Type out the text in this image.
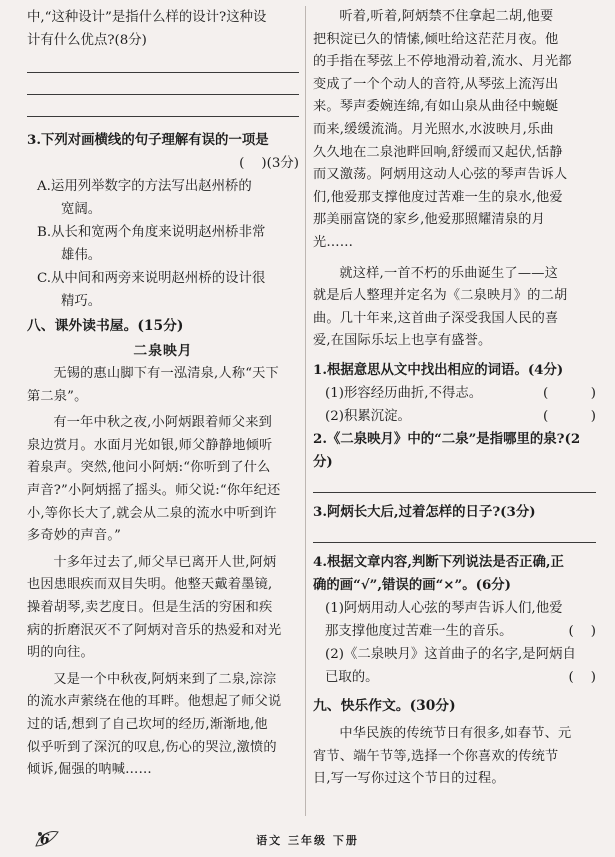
中,“这种设计”是指什么样的设计?这种设

计有什么优点?(8分)

3.下列对画横线的句子理解有误的一项是

(    )(3分)

A.运用列举数字的方法写出赵州桥的

宽阔。

B.从长和宽两个角度来说明赵州桥非常

雄伟。

C.从中间和两旁来说明赵州桥的设计很

精巧。

八、课外读书屋。(15分)

二泉映月

无锡的惠山脚下有一泓清泉,人称“天下

第二泉”。

有一年中秋之夜,小阿炳跟着师父来到

泉边赏月。水面月光如银,师父静静地倾听

着泉声。突然,他问小阿炳:“你听到了什么

声音?”小阿炳摇了摇头。师父说:“你年纪还

小,等你长大了,就会从二泉的流水中听到许

多奇妙的声音。”

十多年过去了,师父早已离开人世,阿炳

也因患眼疾而双目失明。他整天戴着墨镜,

操着胡琴,卖艺度日。但是生活的穷困和疾

病的折磨泯灭不了阿炳对音乐的热爱和对光

明的向往。

又是一个中秋夜,阿炳来到了二泉,淙淙

的流水声萦绕在他的耳畔。他想起了师父说

过的话,想到了自己坎坷的经历,渐渐地,他

似乎听到了深沉的叹息,伤心的哭泣,激愤的

倾诉,倔强的呐喊……

听着,听着,阿炳禁不住拿起二胡,他要

把积淀已久的情愫,倾吐给这茫茫月夜。他

的手指在琴弦上不停地滑动着,流水、月光都

变成了一个个动人的音符,从琴弦上流泻出

来。琴声委婉连绵,有如山泉从曲径中蜿蜒

而来,缓缓流淌。月光照水,水波映月,乐曲

久久地在二泉池畔回响,舒缓而又起伏,恬静

而又激荡。阿炳用这动人心弦的琴声告诉人

们,他爱那支撑他度过苦难一生的泉水,他爱

那美丽富饶的家乡,他爱那照耀清泉的月

光……

就这样,一首不朽的乐曲诞生了——这

就是后人整理并定名为《二泉映月》的二胡

曲。几十年来,这首曲子深受我国人民的喜

爱,在国际乐坛上也享有盛誉。

1.根据意思从文中找出相应的词语。(4分)

(1)形容经历曲折,不得志。	(          )
(2)积累沉淀。	(          )

2.《二泉映月》中的“二泉”是指哪里的泉?(2

分)

3.阿炳长大后,过着怎样的日子?(3分)

4.根据文章内容,判断下列说法是否正确,正

确的画“√”,错误的画“×”。(6分)

(1)阿炳用动人心弦的琴声告诉人们,他爱

那支撑他度过苦难一生的音乐。	(    )

(2)《二泉映月》这首曲子的名字,是阿炳自

已取的。	(    )

九、快乐作文。(30分)

中华民族的传统节日有很多,如春节、元

宵节、端午节等,选择一个你喜欢的传统节

日,写一写你过这个节日的过程。

6	语文 三年级 下册
